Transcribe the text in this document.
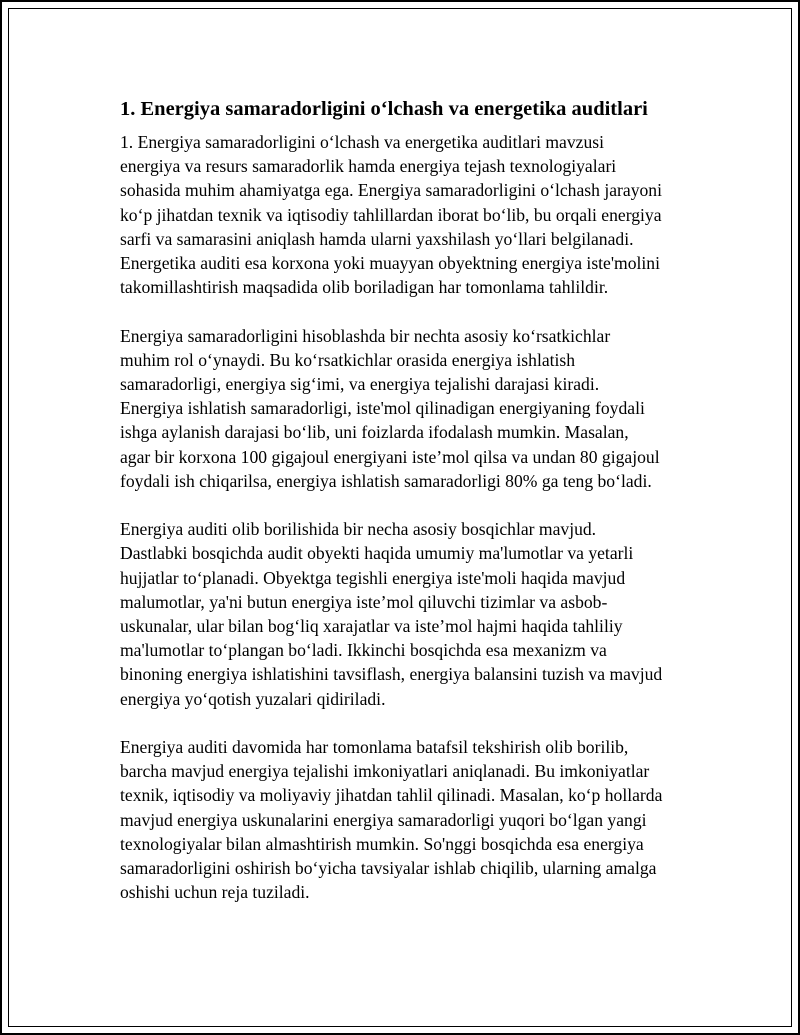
1. Energiya samaradorligini o‘lchash va energetika auditlari

1. Energiya samaradorligini o‘lchash va energetika auditlari mavzusi
energiya va resurs samaradorlik hamda energiya tejash texnologiyalari
sohasida muhim ahamiyatga ega. Energiya samaradorligini o‘lchash jarayoni
ko‘p jihatdan texnik va iqtisodiy tahlillardan iborat bo‘lib, bu orqali energiya
sarfi va samarasini aniqlash hamda ularni yaxshilash yo‘llari belgilanadi.
Energetika auditi esa korxona yoki muayyan obyektning energiya iste'molini
takomillashtirish maqsadida olib boriladigan har tomonlama tahlildir.

Energiya samaradorligini hisoblashda bir nechta asosiy ko‘rsatkichlar
muhim rol o‘ynaydi. Bu ko‘rsatkichlar orasida energiya ishlatish
samaradorligi, energiya sig‘imi, va energiya tejalishi darajasi kiradi.
Energiya ishlatish samaradorligi, iste'mol qilinadigan energiyaning foydali
ishga aylanish darajasi bo‘lib, uni foizlarda ifodalash mumkin. Masalan,
agar bir korxona 100 gigajoul energiyani iste’mol qilsa va undan 80 gigajoul
foydali ish chiqarilsa, energiya ishlatish samaradorligi 80% ga teng bo‘ladi.

Energiya auditi olib borilishida bir necha asosiy bosqichlar mavjud.
Dastlabki bosqichda audit obyekti haqida umumiy ma'lumotlar va yetarli
hujjatlar to‘planadi. Obyektga tegishli energiya iste'moli haqida mavjud
malumotlar, ya'ni butun energiya iste’mol qiluvchi tizimlar va asbob-
uskunalar, ular bilan bog‘liq xarajatlar va iste’mol hajmi haqida tahliliy
ma'lumotlar to‘plangan bo‘ladi. Ikkinchi bosqichda esa mexanizm va
binoning energiya ishlatishini tavsiflash, energiya balansini tuzish va mavjud
energiya yo‘qotish yuzalari qidiriladi.

Energiya auditi davomida har tomonlama batafsil tekshirish olib borilib,
barcha mavjud energiya tejalishi imkoniyatlari aniqlanadi. Bu imkoniyatlar
texnik, iqtisodiy va moliyaviy jihatdan tahlil qilinadi. Masalan, ko‘p hollarda
mavjud energiya uskunalarini energiya samaradorligi yuqori bo‘lgan yangi
texnologiyalar bilan almashtirish mumkin. So'nggi bosqichda esa energiya
samaradorligini oshirish bo‘yicha tavsiyalar ishlab chiqilib, ularning amalga
oshishi uchun reja tuziladi.
